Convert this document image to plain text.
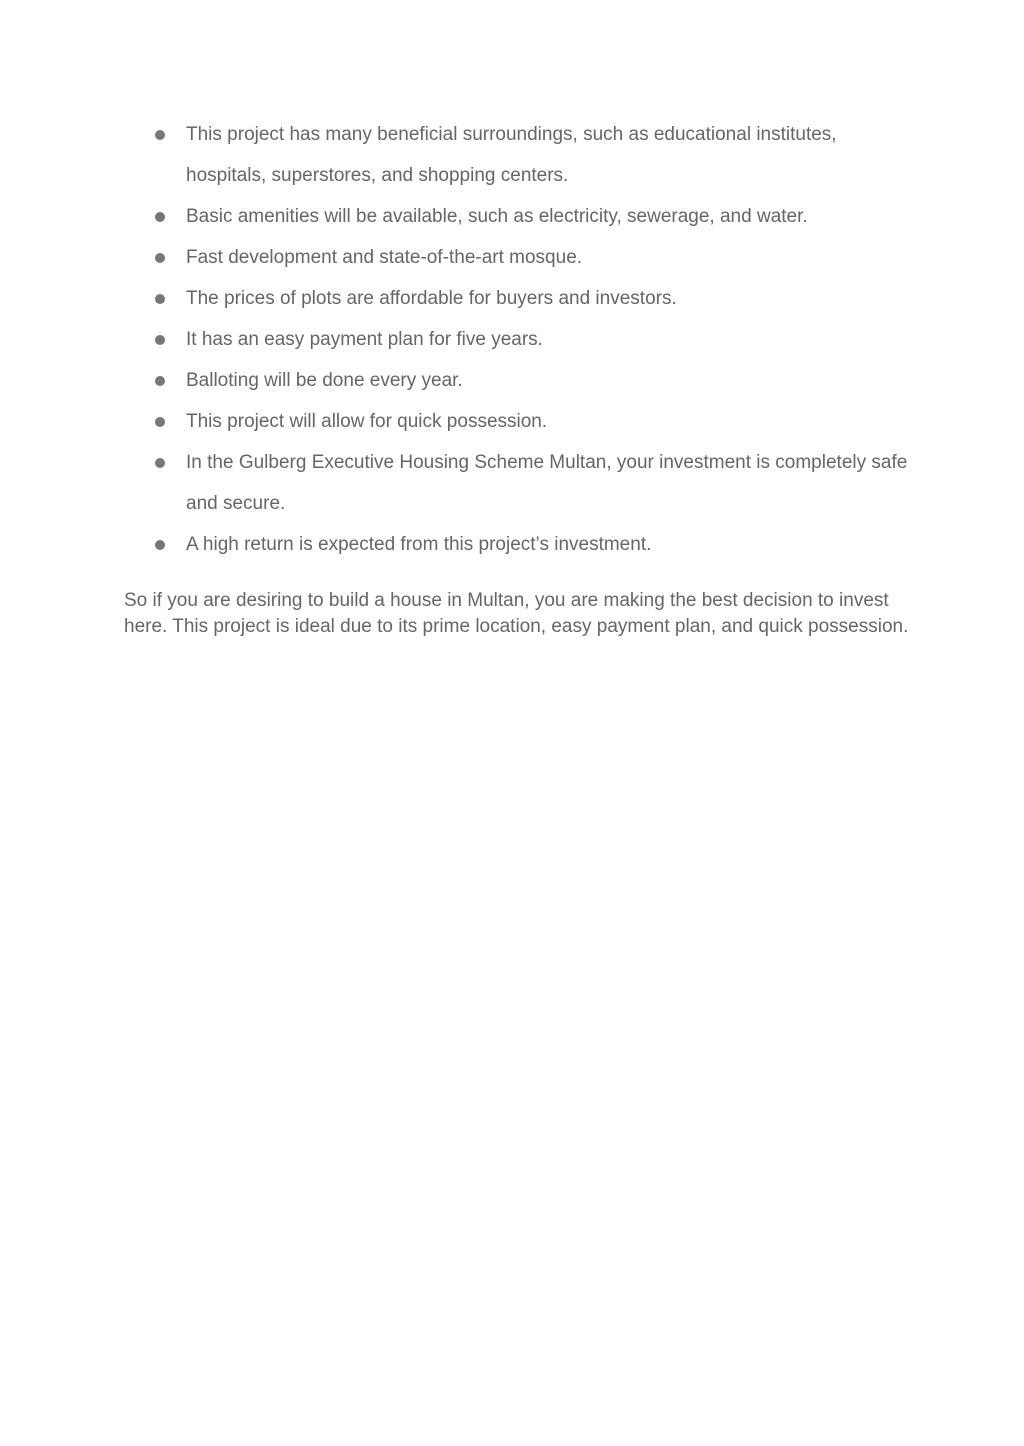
This project has many beneficial surroundings, such as educational institutes, hospitals, superstores, and shopping centers.
Basic amenities will be available, such as electricity, sewerage, and water.
Fast development and state-of-the-art mosque.
The prices of plots are affordable for buyers and investors.
It has an easy payment plan for five years.
Balloting will be done every year.
This project will allow for quick possession.
In the Gulberg Executive Housing Scheme Multan, your investment is completely safe and secure.
A high return is expected from this project’s investment.

So if you are desiring to build a house in Multan, you are making the best decision to invest here. This project is ideal due to its prime location, easy payment plan, and quick possession.
